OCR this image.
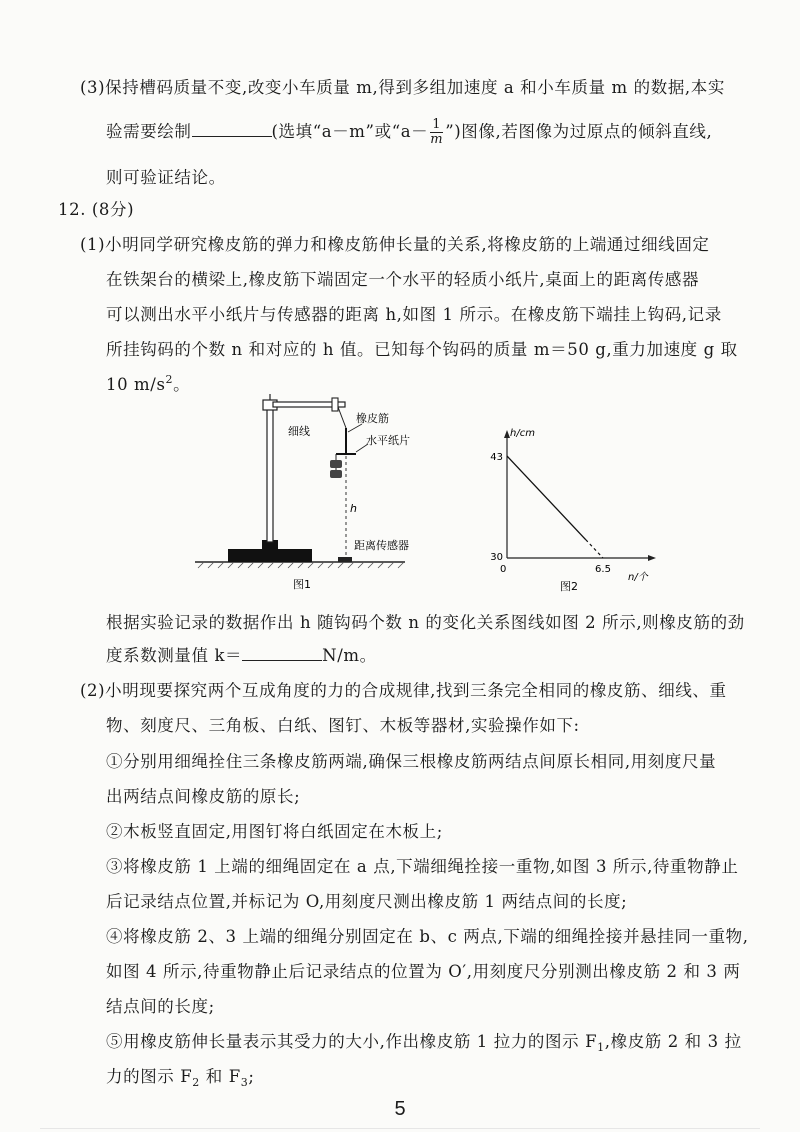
(3)保持槽码质量不变,改变小车质量 m,得到多组加速度 a 和小车质量 m 的数据,本实
验需要绘制	(选填“a－m”或“$a- \frac{1}{m}$ ”)图像,若图像为过原点的倾斜直线,
则可验证结论。
12. (8分)
(1)小明同学研究橡皮筋的弹力和橡皮筋伸长量的关系,将橡皮筋的上端通过细线固定
在铁架台的横梁上,橡皮筋下端固定一个水平的轻质小纸片,桌面上的距离传感器
可以测出水平小纸片与传感器的距离 h,如图 1 所示。在橡皮筋下端挂上钩码,记录
所挂钩码的个数 n 和对应的 h 值。已知每个钩码的质量 m＝50 g,重力加速度 g 取
10 $m/s^2$。
细线
橡皮筋
水平纸片
h
距离传感器
图1
h/cm
n/个
0
图2
43
30
6.5
根据实验记录的数据作出 h 随钩码个数 n 的变化关系图线如图 2 所示,则橡皮筋的劲
度系数测量值 k＝	N/m。
(2)小明现要探究两个互成角度的力的合成规律,找到三条完全相同的橡皮筋、细线、重
物、刻度尺、三角板、白纸、图钉、木板等器材,实验操作如下:
①分别用细绳拴住三条橡皮筋两端,确保三根橡皮筋两结点间原长相同,用刻度尺量
出两结点间橡皮筋的原长;
②木板竖直固定,用图钉将白纸固定在木板上;
③将橡皮筋 1 上端的细绳固定在 a 点,下端细绳拴接一重物,如图 3 所示,待重物静止
后记录结点位置,并标记为 O,用刻度尺测出橡皮筋 1 两结点间的长度;
④将橡皮筋 2、3 上端的细绳分别固定在 b、c 两点,下端的细绳拴接并悬挂同一重物,
如图 4 所示,待重物静止后记录结点的位置为 O′,用刻度尺分别测出橡皮筋 2 和 3 两
结点间的长度;
⑤用橡皮筋伸长量表示其受力的大小,作出橡皮筋 1 拉力的图示 $F_1$,橡皮筋 2 和 3 拉
力的图示 $F_2$ 和 $F_3$;
5
